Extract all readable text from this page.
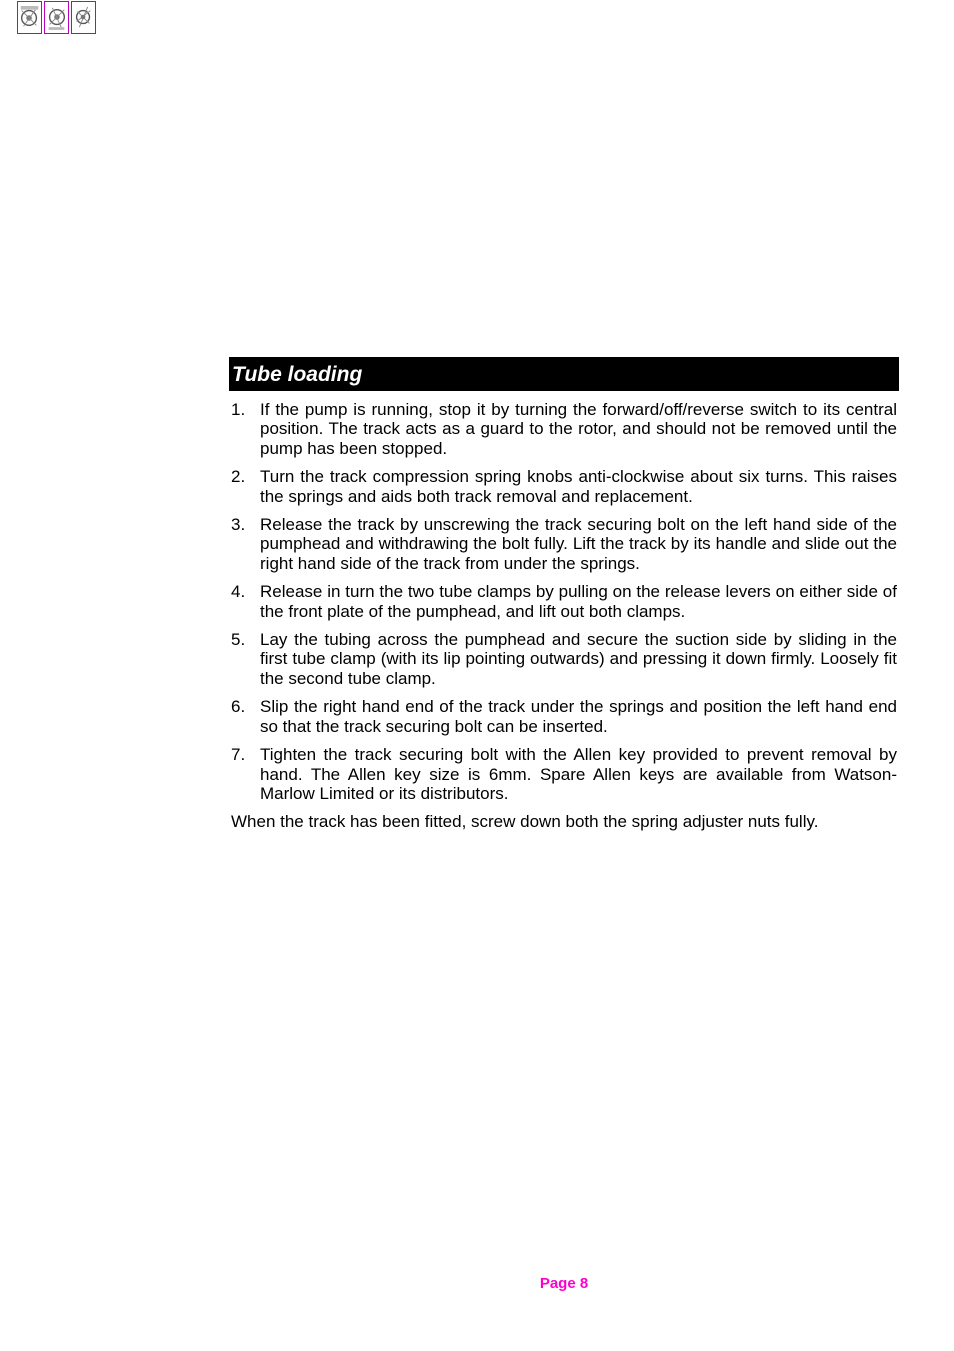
Tube loading
1. If the pump is running, stop it by turning the forward/off/reverse switch to its central position. The track acts as a guard to the rotor, and should not be removed until the pump has been stopped.
2. Turn the track compression spring knobs anti-clockwise about six turns. This raises the springs and aids both track removal and replacement.
3. Release the track by unscrewing the track securing bolt on the left hand side of the pumphead and withdrawing the bolt fully. Lift the track by its handle and slide out the right hand side of the track from under the springs.
4. Release in turn the two tube clamps by pulling on the release levers on either side of the front plate of the pumphead, and lift out both clamps.
5. Lay the tubing across the pumphead and secure the suction side by sliding in the first tube clamp (with its lip pointing outwards) and pressing it down firmly. Loosely fit the second tube clamp.
6. Slip the right hand end of the track under the springs and position the left hand end so that the track securing bolt can be inserted.
7. Tighten the track securing bolt with the Allen key provided to prevent removal by hand. The Allen key size is 6mm. Spare Allen keys are available from Watson-Marlow Limited or its distributors.

When the track has been fitted, screw down both the spring adjuster nuts fully.

Page 8
